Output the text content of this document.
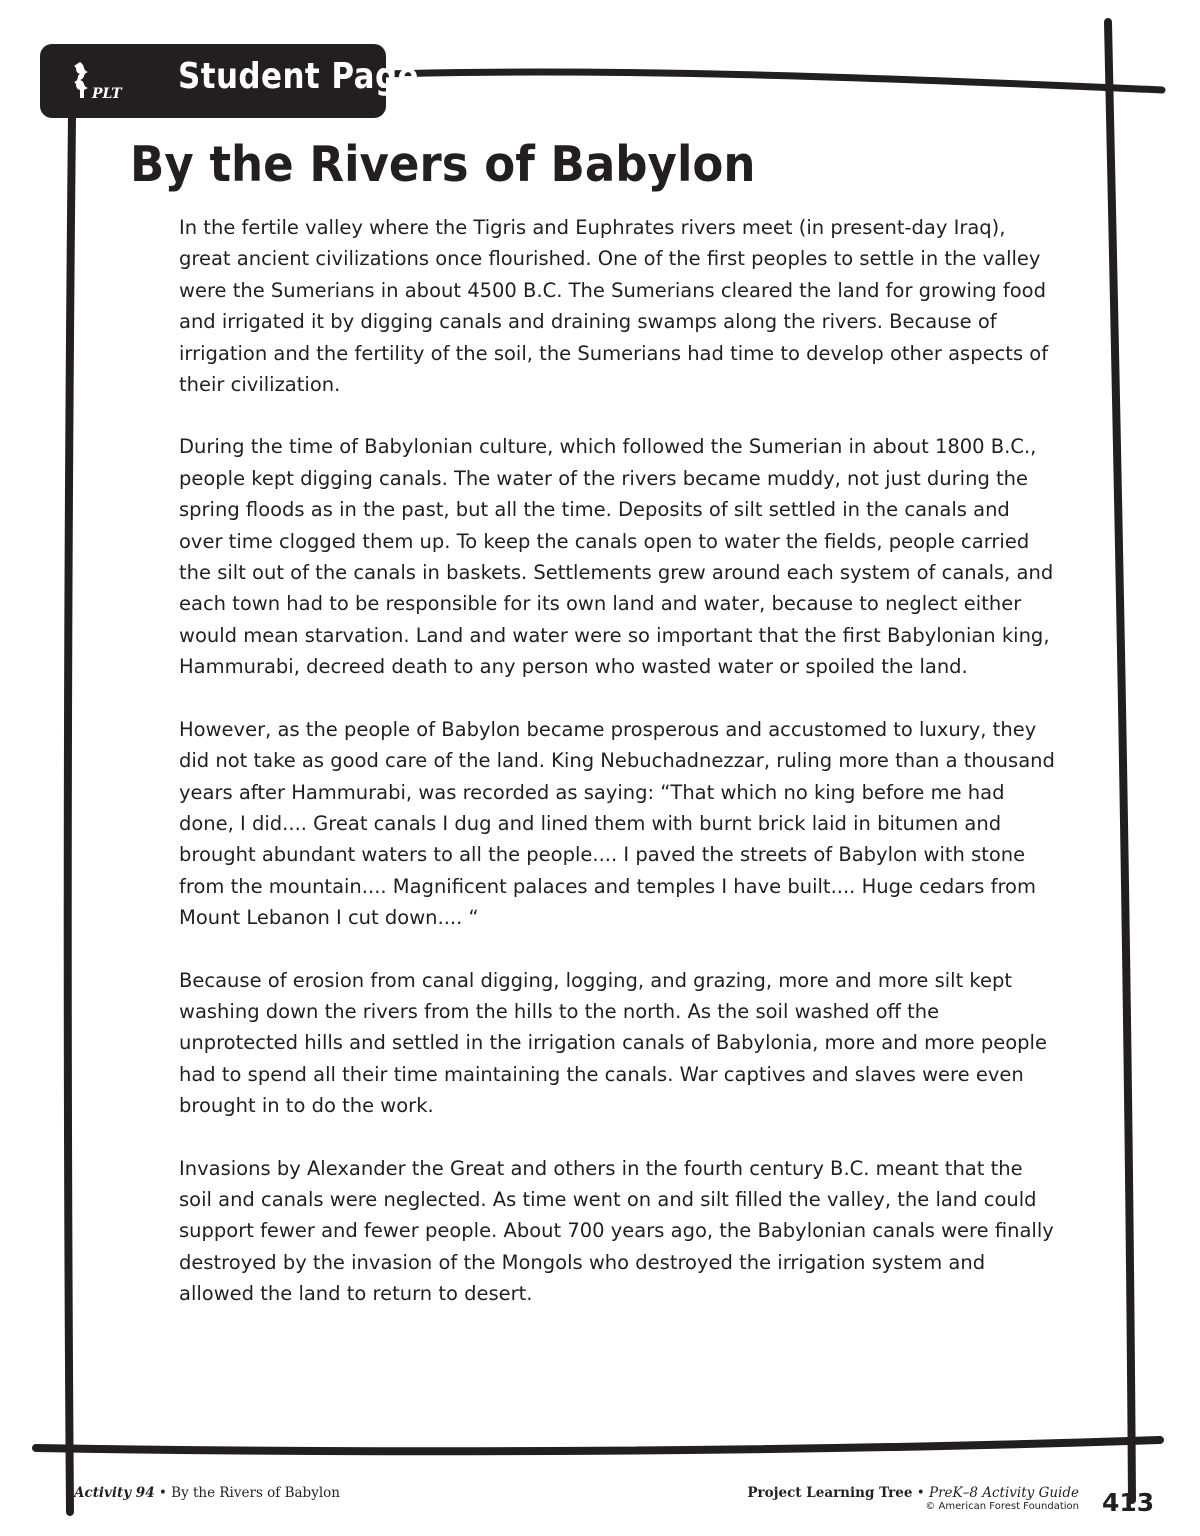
PLT Student Page
By the Rivers of Babylon

In the fertile valley where the Tigris and Euphrates rivers meet (in present-day Iraq), great ancient civilizations once flourished. One of the first peoples to settle in the valley were the Sumerians in about 4500 B.C. The Sumerians cleared the land for growing food and irrigated it by digging canals and draining swamps along the rivers. Because of irrigation and the fertility of the soil, the Sumerians had time to develop other aspects of their civilization.

During the time of Babylonian culture, which followed the Sumerian in about 1800 B.C., people kept digging canals. The water of the rivers became muddy, not just during the spring floods as in the past, but all the time. Deposits of silt settled in the canals and over time clogged them up. To keep the canals open to water the fields, people carried the silt out of the canals in baskets. Settlements grew around each system of canals, and each town had to be responsible for its own land and water, because to neglect either would mean starvation. Land and water were so important that the first Babylonian king, Hammurabi, decreed death to any person who wasted water or spoiled the land.

However, as the people of Babylon became prosperous and accustomed to luxury, they did not take as good care of the land. King Nebuchadnezzar, ruling more than a thousand years after Hammurabi, was recorded as saying: “That which no king before me had done, I did.... Great canals I dug and lined them with burnt brick laid in bitumen and brought abundant waters to all the people.... I paved the streets of Babylon with stone from the mountain.... Magnificent palaces and temples I have built.... Huge cedars from Mount Lebanon I cut down.... “

Because of erosion from canal digging, logging, and grazing, more and more silt kept washing down the rivers from the hills to the north. As the soil washed off the unprotected hills and settled in the irrigation canals of Babylonia, more and more people had to spend all their time maintaining the canals. War captives and slaves were even brought in to do the work.

Invasions by Alexander the Great and others in the fourth century B.C. meant that the soil and canals were neglected. As time went on and silt filled the valley, the land could support fewer and fewer people. About 700 years ago, the Babylonian canals were finally destroyed by the invasion of the Mongols who destroyed the irrigation system and allowed the land to return to desert.

Activity 94 • By the Rivers of Babylon	Project Learning Tree • PreK–8 Activity Guide
© American Forest Foundation 413
